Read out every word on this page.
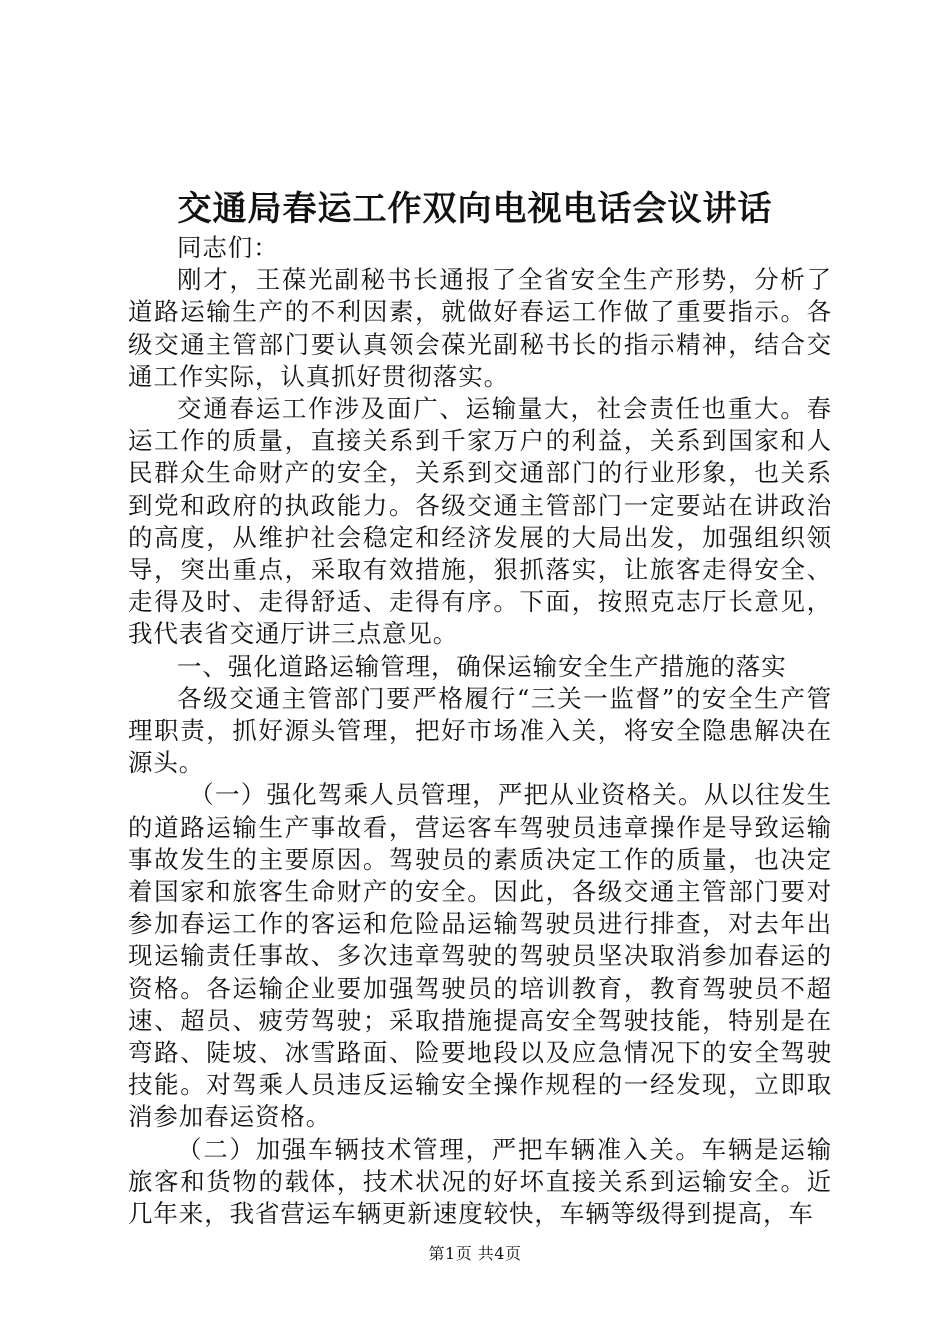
交通局春运工作双向电视电话会议讲话

同志们：

刚才，王葆光副秘书长通报了全省安全生产形势，分析了道路运输生产的不利因素，就做好春运工作做了重要指示。各级交通主管部门要认真领会葆光副秘书长的指示精神，结合交通工作实际，认真抓好贯彻落实。

交通春运工作涉及面广、运输量大，社会责任也重大。春运工作的质量，直接关系到千家万户的利益，关系到国家和人民群众生命财产的安全，关系到交通部门的行业形象，也关系到党和政府的执政能力。各级交通主管部门一定要站在讲政治的高度，从维护社会稳定和经济发展的大局出发，加强组织领导，突出重点，采取有效措施，狠抓落实，让旅客走得安全、走得及时、走得舒适、走得有序。下面，按照克志厅长意见，我代表省交通厅讲三点意见。

一、强化道路运输管理，确保运输安全生产措施的落实

各级交通主管部门要严格履行“三关一监督”的安全生产管理职责，抓好源头管理，把好市场准入关，将安全隐患解决在源头。

（一）强化驾乘人员管理，严把从业资格关。从以往发生的道路运输生产事故看，营运客车驾驶员违章操作是导致运输事故发生的主要原因。驾驶员的素质决定工作的质量，也决定着国家和旅客生命财产的安全。因此，各级交通主管部门要对参加春运工作的客运和危险品运输驾驶员进行排查，对去年出现运输责任事故、多次违章驾驶的驾驶员坚决取消参加春运的资格。各运输企业要加强驾驶员的培训教育，教育驾驶员不超速、超员、疲劳驾驶；采取措施提高安全驾驶技能，特别是在弯路、陡坡、冰雪路面、险要地段以及应急情况下的安全驾驶技能。对驾乘人员违反运输安全操作规程的一经发现，立即取消参加春运资格。

（二）加强车辆技术管理，严把车辆准入关。车辆是运输旅客和货物的载体，技术状况的好坏直接关系到运输安全。近几年来，我省营运车辆更新速度较快，车辆等级得到提高，车

第1页 共4页
